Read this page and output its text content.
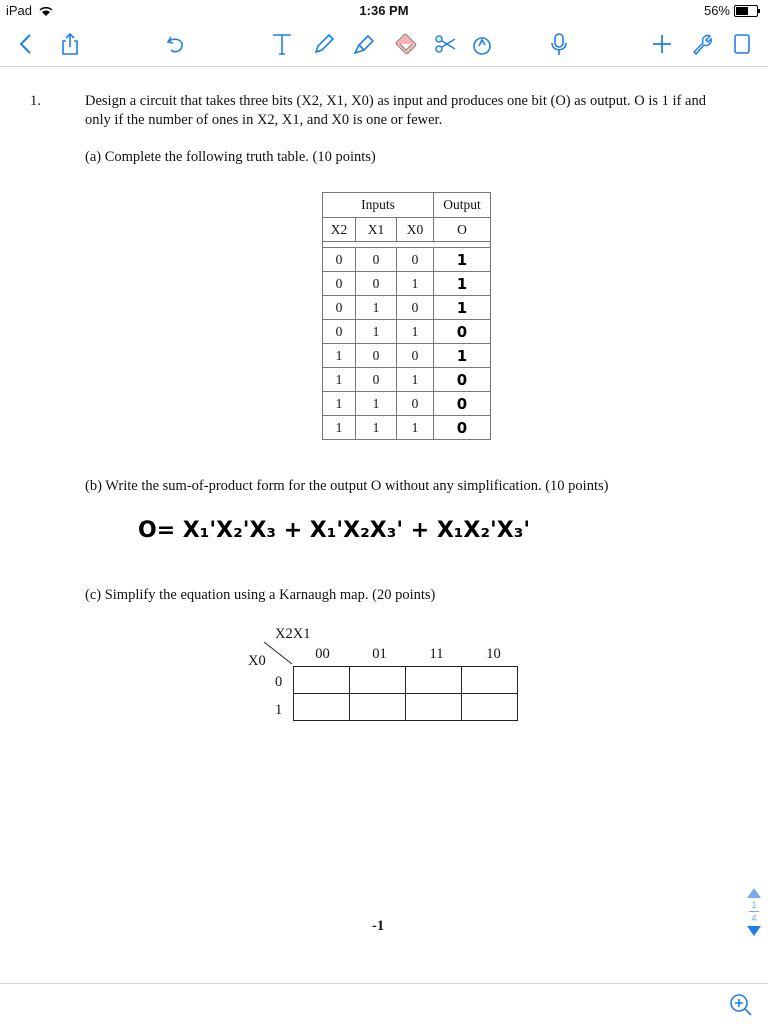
iPad	1:36 PM	56%
1.	Design a circuit that takes three bits (X2, X1, X0) as input and produces one bit (O) as output. O is 1 if and
only if the number of ones in X2, X1, and X0 is one or fewer.
(a) Complete the following truth table. (10 points)
Inputs			Output
X2	X1	X0	O

0	0	0	1
0	0	1	1
0	1	0	1
0	1	1	0
1	0	0	1
1	0	1	0
1	1	0	0
1	1	1	0
(b) Write the sum-of-product form for the output O without any simplification. (10 points)
O= X₁'X₂'X₃ + X₁'X₂X₃' + X₁X₂'X₃'
(c) Simplify the equation using a Karnaugh map. (20 points)
X2X1
X0	00	01	11	10
0
1

-1
1
4
